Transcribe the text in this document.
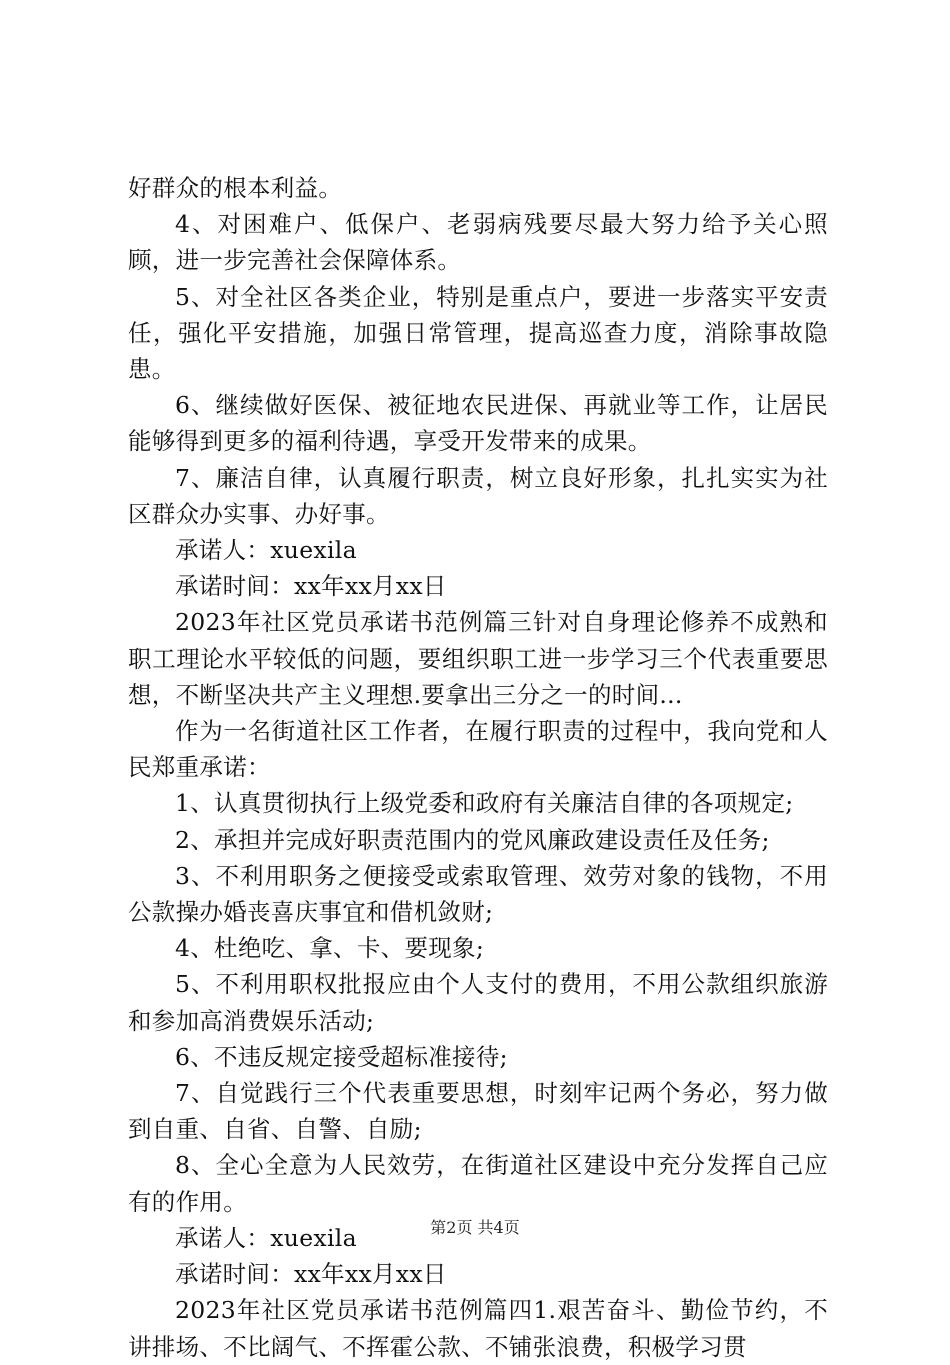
好群众的根本利益。

4、对困难户、低保户、老弱病残要尽最大努力给予关心照顾，进一步完善社会保障体系。

5、对全社区各类企业，特别是重点户，要进一步落实平安责任，强化平安措施，加强日常管理，提高巡查力度，消除事故隐患。

6、继续做好医保、被征地农民进保、再就业等工作，让居民能够得到更多的福利待遇，享受开发带来的成果。

7、廉洁自律，认真履行职责，树立良好形象，扎扎实实为社区群众办实事、办好事。

承诺人：xuexila

承诺时间：xx年xx月xx日

2023年社区党员承诺书范例篇三针对自身理论修养不成熟和职工理论水平较低的问题，要组织职工进一步学习三个代表重要思想，不断坚决共产主义理想.要拿出三分之一的时间...

作为一名街道社区工作者，在履行职责的过程中，我向党和人民郑重承诺：

1、认真贯彻执行上级党委和政府有关廉洁自律的各项规定;

2、承担并完成好职责范围内的党风廉政建设责任及任务;

3、不利用职务之便接受或索取管理、效劳对象的钱物，不用公款操办婚丧喜庆事宜和借机敛财;

4、杜绝吃、拿、卡、要现象;

5、不利用职权批报应由个人支付的费用，不用公款组织旅游和参加高消费娱乐活动;

6、不违反规定接受超标准接待;

7、自觉践行三个代表重要思想，时刻牢记两个务必，努力做到自重、自省、自警、自励;

8、全心全意为人民效劳，在街道社区建设中充分发挥自己应有的作用。

承诺人：xuexila

承诺时间：xx年xx月xx日

2023年社区党员承诺书范例篇四1.艰苦奋斗、勤俭节约，不讲排场、不比阔气、不挥霍公款、不铺张浪费，积极学习贯

第2页 共4页
